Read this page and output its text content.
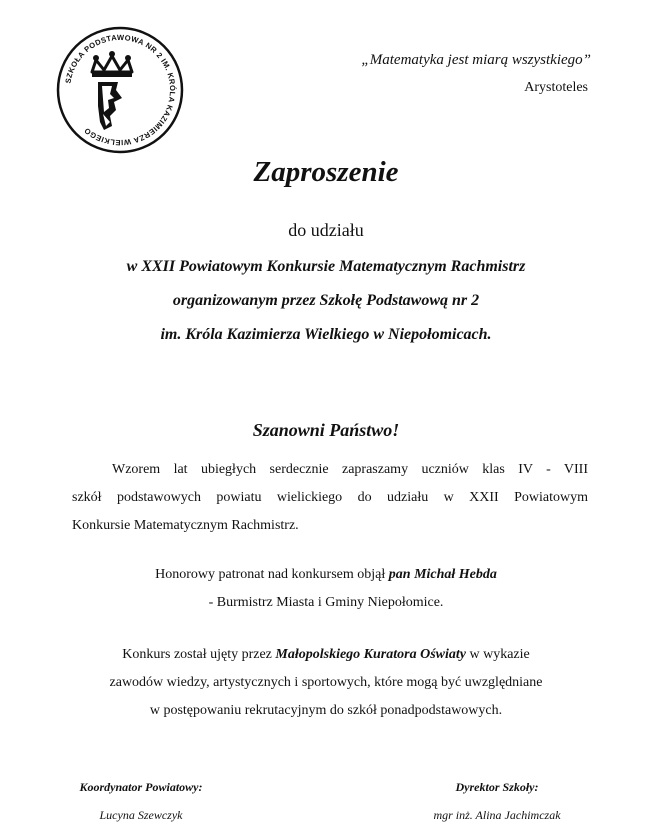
SZKOŁA PODSTAWOWA NR 2 IM. KRÓLA KAZIMIERZA WIELKIEGO
„Matematyka jest miarą wszystkiego”
Arystoteles
Zaproszenie
do udziału
w XXII Powiatowym Konkursie Matematycznym Rachmistrz
organizowanym przez Szkołę Podstawową nr 2
im. Króla Kazimierza Wielkiego w Niepołomicach.
Szanowni Państwo!
Wzorem lat ubiegłych serdecznie zapraszamy uczniów klas IV - VIII
szkół podstawowych powiatu wielickiego do udziału w XXII Powiatowym
Konkursie Matematycznym Rachmistrz.
Honorowy patronat nad konkursem objął pan Michał Hebda
- Burmistrz Miasta i Gminy Niepołomice.
Konkurs został ujęty przez Małopolskiego Kuratora Oświaty w wykazie
zawodów wiedzy, artystycznych i sportowych, które mogą być uwzględniane
w postępowaniu rekrutacyjnym do szkół ponadpodstawowych.
Koordynator Powiatowy:
Lucyna Szewczyk
Dyrektor Szkoły:
mgr inż. Alina Jachimczak
